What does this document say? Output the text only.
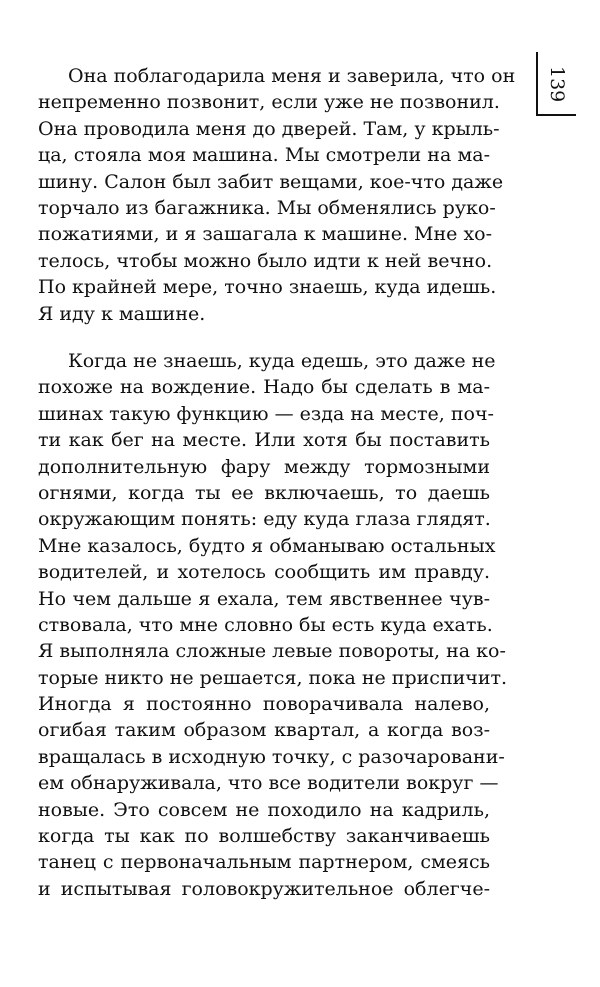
139
Она поблагодарила меня и заверила, что он
непременно позвонит, если уже не позвонил.
Она проводила меня до дверей. Там, у крыль-
ца, стояла моя машина. Мы смотрели на ма-
шину. Салон был забит вещами, кое-что даже
торчало из багажника. Мы обменялись руко-
пожатиями, и я зашагала к машине. Мне хо-
телось, чтобы можно было идти к ней вечно.
По крайней мере, точно знаешь, куда идешь.
Я иду к машине.
Когда не знаешь, куда едешь, это даже не
похоже на вождение. Надо бы сделать в ма-
шинах такую функцию — езда на месте, поч-
ти как бег на месте. Или хотя бы поставить
дополнительную фару между тормозными
огнями, когда ты ее включаешь, то даешь
окружающим понять: еду куда глаза глядят.
Мне казалось, будто я обманываю остальных
водителей, и хотелось сообщить им правду.
Но чем дальше я ехала, тем явственнее чув-
ствовала, что мне словно бы есть куда ехать.
Я выполняла сложные левые повороты, на ко-
торые никто не решается, пока не приспичит.
Иногда я постоянно поворачивала налево,
огибая таким образом квартал, а когда воз-
вращалась в исходную точку, с разочаровани-
ем обнаруживала, что все водители вокруг —
новые. Это совсем не походило на кадриль,
когда ты как по волшебству заканчиваешь
танец с первоначальным партнером, смеясь
и испытывая головокружительное облегче-
